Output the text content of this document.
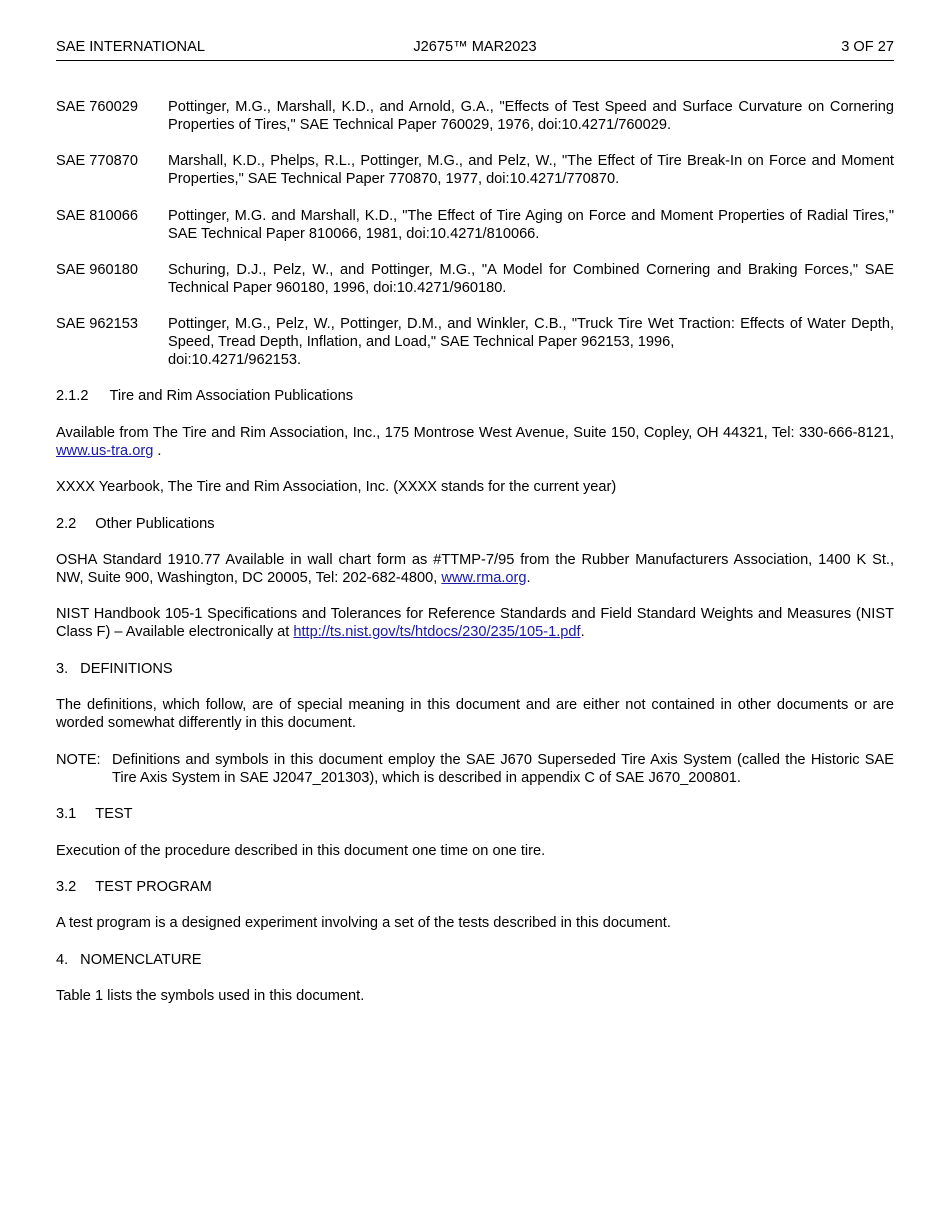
SAE INTERNATIONAL	J2675™ MAR2023	3 OF 27
SAE 760029 Pottinger, M.G., Marshall, K.D., and Arnold, G.A., "Effects of Test Speed and Surface Curvature on Cornering Properties of Tires," SAE Technical Paper 760029, 1976, doi:10.4271/760029.
SAE 770870 Marshall, K.D., Phelps, R.L., Pottinger, M.G., and Pelz, W., "The Effect of Tire Break-In on Force and Moment Properties," SAE Technical Paper 770870, 1977, doi:10.4271/770870.
SAE 810066 Pottinger, M.G. and Marshall, K.D., "The Effect of Tire Aging on Force and Moment Properties of Radial Tires," SAE Technical Paper 810066, 1981, doi:10.4271/810066.
SAE 960180 Schuring, D.J., Pelz, W., and Pottinger, M.G., "A Model for Combined Cornering and Braking Forces," SAE Technical Paper 960180, 1996, doi:10.4271/960180.
SAE 962153 Pottinger, M.G., Pelz, W., Pottinger, D.M., and Winkler, C.B., "Truck Tire Wet Traction: Effects of Water Depth, Speed, Tread Depth, Inflation, and Load," SAE Technical Paper 962153, 1996,
doi:10.4271/962153.
2.1.2 Tire and Rim Association Publications
Available from The Tire and Rim Association, Inc., 175 Montrose West Avenue, Suite 150, Copley, OH 44321, Tel: 330-666-8121, www.us-tra.org .
XXXX Yearbook, The Tire and Rim Association, Inc. (XXXX stands for the current year)
2.2 Other Publications
OSHA Standard 1910.77 Available in wall chart form as #TTMP-7/95 from the Rubber Manufacturers Association, 1400 K St., NW, Suite 900, Washington, DC 20005, Tel: 202-682-4800, www.rma.org.
NIST Handbook 105-1 Specifications and Tolerances for Reference Standards and Field Standard Weights and Measures (NIST Class F) – Available electronically at http://ts.nist.gov/ts/htdocs/230/235/105-1.pdf.
3. DEFINITIONS
The definitions, which follow, are of special meaning in this document and are either not contained in other documents or are worded somewhat differently in this document.
NOTE: Definitions and symbols in this document employ the SAE J670 Superseded Tire Axis System (called the Historic SAE Tire Axis System in SAE J2047_201303), which is described in appendix C of SAE J670_200801.
3.1 TEST
Execution of the procedure described in this document one time on one tire.
3.2 TEST PROGRAM
A test program is a designed experiment involving a set of the tests described in this document.
4. NOMENCLATURE
Table 1 lists the symbols used in this document.
